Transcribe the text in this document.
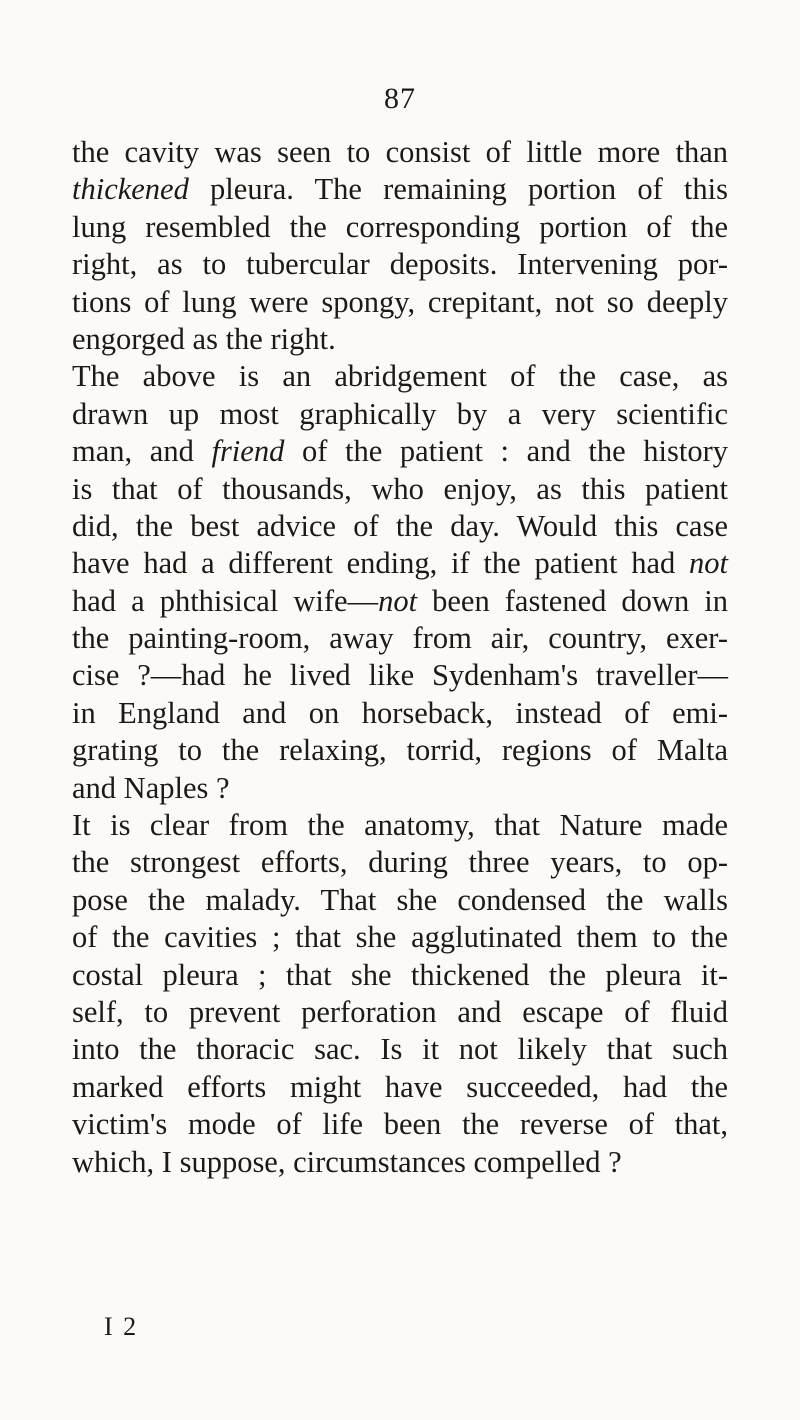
87
the cavity was seen to consist of little more than
thickened pleura. The remaining portion of this
lung resembled the corresponding portion of the
right, as to tubercular deposits. Intervening por-
tions of lung were spongy, crepitant, not so deeply
engorged as the right.
The above is an abridgement of the case, as
drawn up most graphically by a very scientific
man, and friend of the patient : and the history
is that of thousands, who enjoy, as this patient
did, the best advice of the day. Would this case
have had a different ending, if the patient had not
had a phthisical wife—not been fastened down in
the painting-room, away from air, country, exer-
cise ?—had he lived like Sydenham's traveller—
in England and on horseback, instead of emi-
grating to the relaxing, torrid, regions of Malta
and Naples ?
It is clear from the anatomy, that Nature made
the strongest efforts, during three years, to op-
pose the malady. That she condensed the walls
of the cavities ; that she agglutinated them to the
costal pleura ; that she thickened the pleura it-
self, to prevent perforation and escape of fluid
into the thoracic sac. Is it not likely that such
marked efforts might have succeeded, had the
victim's mode of life been the reverse of that,
which, I suppose, circumstances compelled ?
I 2
